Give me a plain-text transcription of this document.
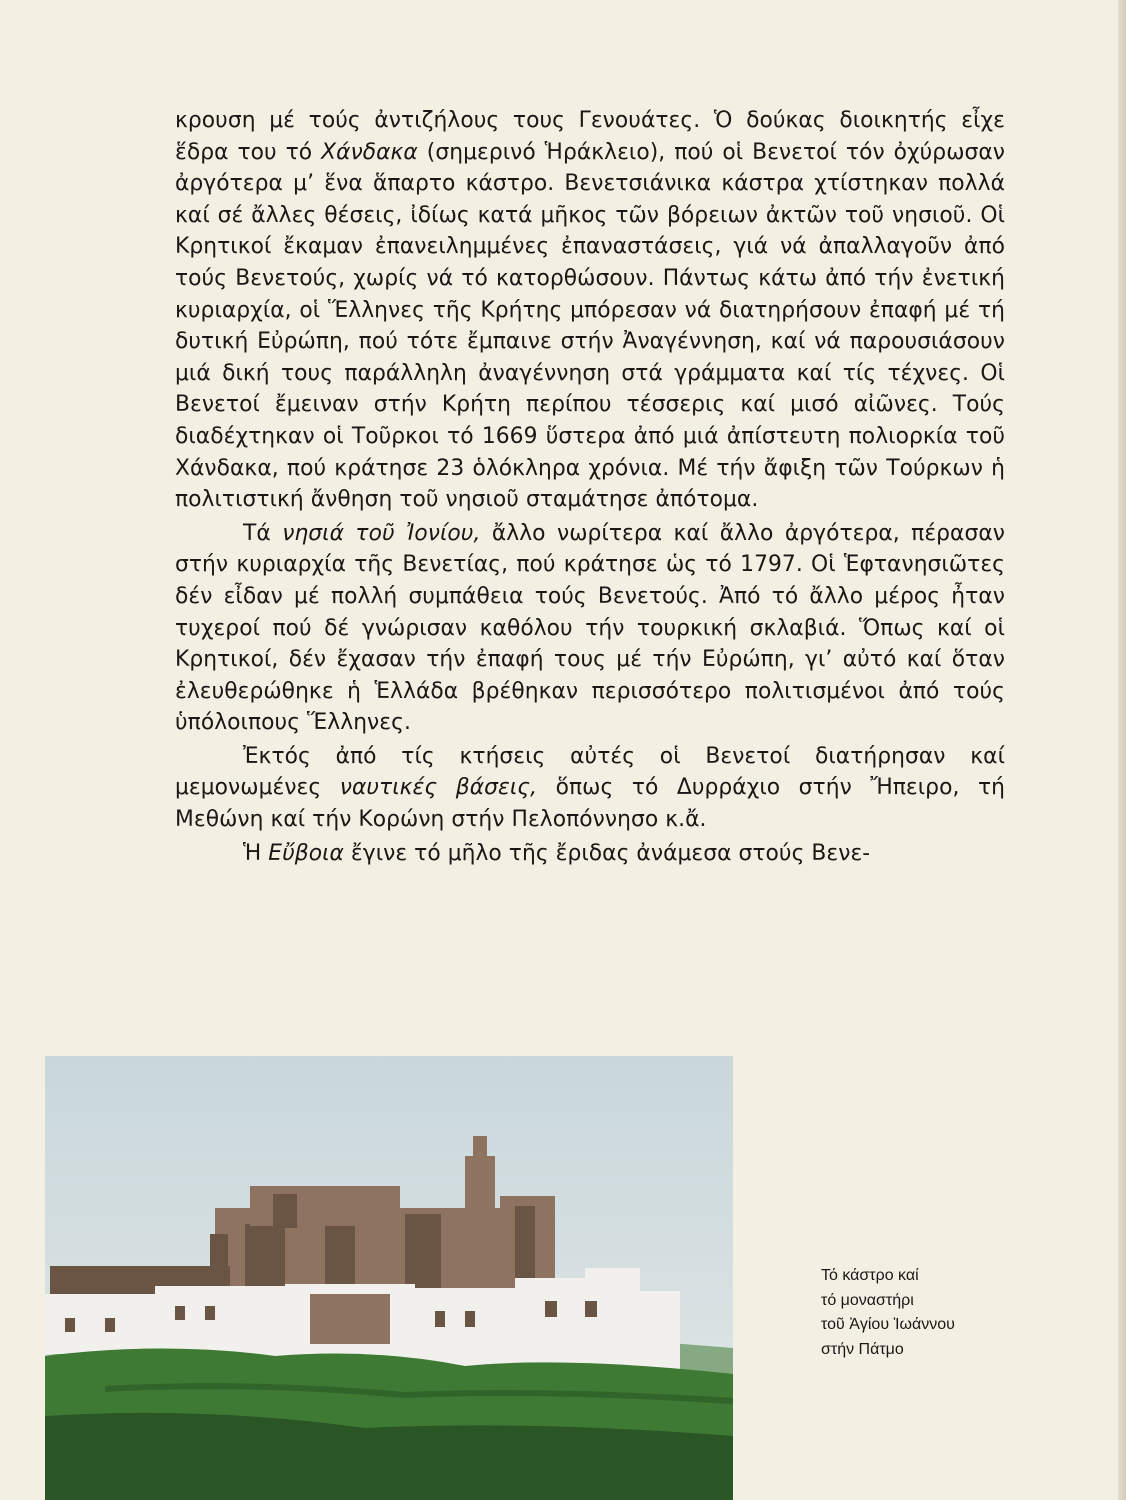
κρουση μέ τούς ἀντιζήλους τους Γενουάτες. Ὁ δούκας διοικητής εἶχε ἕδρα του τό Χάνδακα (σημερινό Ἡράκλειο), πού οἱ Βενετοί τόν ὀχύρωσαν ἀργότερα μ’ ἕνα ἅπαρτο κάστρο. Βενετσιάνικα κάστρα χτίστηκαν πολλά καί σέ ἄλλες θέσεις, ἰδίως κατά μῆκος τῶν βόρειων ἀκτῶν τοῦ νησιοῦ. Οἱ Κρητικοί ἔκαμαν ἐπανειλημμένες ἐπαναστάσεις, γιά νά ἀπαλλαγοῦν ἀπό τούς Βενετούς, χωρίς νά τό κατορθώσουν. Πάντως κάτω ἀπό τήν ἐνετική κυριαρχία, οἱ Ἕλληνες τῆς Κρήτης μπόρεσαν νά διατηρήσουν ἐπαφή μέ τή δυτική Εὐρώπη, πού τότε ἔμπαινε στήν Ἀναγέννηση, καί νά παρουσιάσουν μιά δική τους παράλληλη ἀναγέννηση στά γράμματα καί τίς τέχνες. Οἱ Βενετοί ἔμειναν στήν Κρήτη περίπου τέσσερις καί μισό αἰῶνες. Τούς διαδέχτηκαν οἱ Τοῦρκοι τό 1669 ὕστερα ἀπό μιά ἀπίστευτη πολιορκία τοῦ Χάνδακα, πού κράτησε 23 ὁλόκληρα χρόνια. Μέ τήν ἄφιξη τῶν Τούρκων ἡ πολιτιστική ἄνθηση τοῦ νησιοῦ σταμάτησε ἀπότομα.

Τά νησιά τοῦ Ἰονίου, ἄλλο νωρίτερα καί ἄλλο ἀργότερα, πέρασαν στήν κυριαρχία τῆς Βενετίας, πού κράτησε ὡς τό 1797. Οἱ Ἑφτανησιῶτες δέν εἶδαν μέ πολλή συμπάθεια τούς Βενετούς. Ἀπό τό ἄλλο μέρος ἦταν τυχεροί πού δέ γνώρισαν καθόλου τήν τουρκική σκλαβιά. Ὅπως καί οἱ Κρητικοί, δέν ἔχασαν τήν ἐπαφή τους μέ τήν Εὐρώπη, γι’ αὐτό καί ὅταν ἐλευθερώθηκε ἡ Ἑλλάδα βρέθηκαν περισσότερο πολιτισμένοι ἀπό τούς ὑπόλοιπους Ἕλληνες.

Ἐκτός ἀπό τίς κτήσεις αὐτές οἱ Βενετοί διατήρησαν καί μεμονωμένες ναυτικές βάσεις, ὅπως τό Δυρράχιο στήν Ἤπειρο, τή Μεθώνη καί τήν Κορώνη στήν Πελοπόννησο κ.ἄ.

Ἡ Εὔβοια ἔγινε τό μῆλο τῆς ἔριδας ἀνάμεσα στούς Βενε-

Τό κάστρο καί
τό μοναστήρι
τοῦ Ἁγίου Ἰωάννου
στήν Πάτμο
